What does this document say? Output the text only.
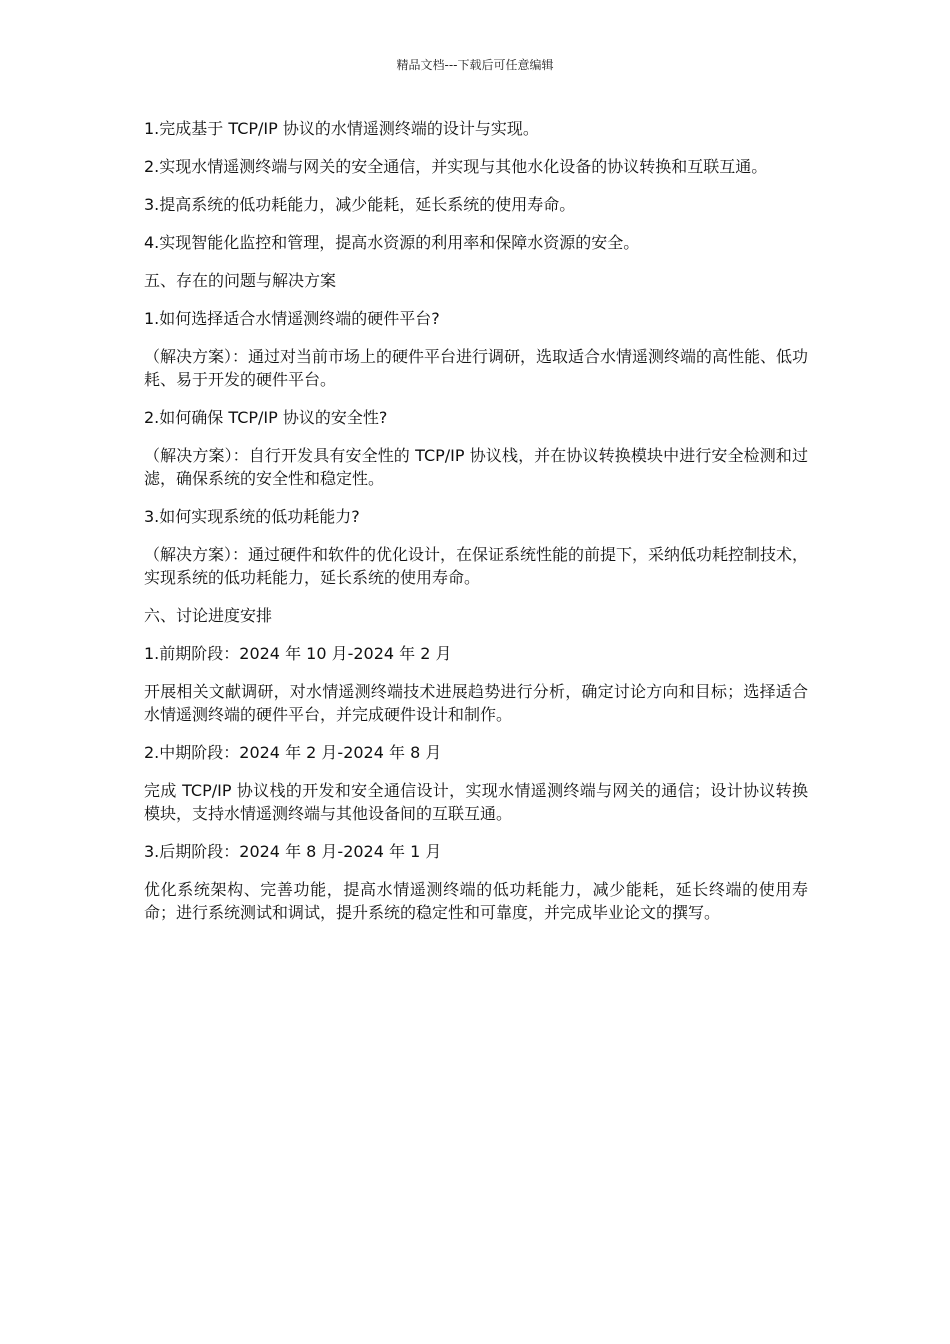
精品文档---下载后可任意编辑

1.完成基于 TCP/IP 协议的水情遥测终端的设计与实现。

2.实现水情遥测终端与网关的安全通信，并实现与其他水化设备的协议转换和互联互通。

3.提高系统的低功耗能力，减少能耗，延长系统的使用寿命。

4.实现智能化监控和管理，提高水资源的利用率和保障水资源的安全。

五、存在的问题与解决方案

1.如何选择适合水情遥测终端的硬件平台?

（解决方案）：通过对当前市场上的硬件平台进行调研，选取适合水情遥测终端的高性能、低功耗、易于开发的硬件平台。

2.如何确保 TCP/IP 协议的安全性?

（解决方案）：自行开发具有安全性的 TCP/IP 协议栈，并在协议转换模块中进行安全检测和过滤，确保系统的安全性和稳定性。

3.如何实现系统的低功耗能力?

（解决方案）：通过硬件和软件的优化设计，在保证系统性能的前提下，采纳低功耗控制技术，实现系统的低功耗能力，延长系统的使用寿命。

六、讨论进度安排

1.前期阶段：2024 年 10 月-2024 年 2 月

开展相关文献调研，对水情遥测终端技术进展趋势进行分析，确定讨论方向和目标；选择适合水情遥测终端的硬件平台，并完成硬件设计和制作。

2.中期阶段：2024 年 2 月-2024 年 8 月

完成 TCP/IP 协议栈的开发和安全通信设计，实现水情遥测终端与网关的通信；设计协议转换模块，支持水情遥测终端与其他设备间的互联互通。

3.后期阶段：2024 年 8 月-2024 年 1 月

优化系统架构、完善功能，提高水情遥测终端的低功耗能力，减少能耗，延长终端的使用寿命；进行系统测试和调试，提升系统的稳定性和可靠度，并完成毕业论文的撰写。
